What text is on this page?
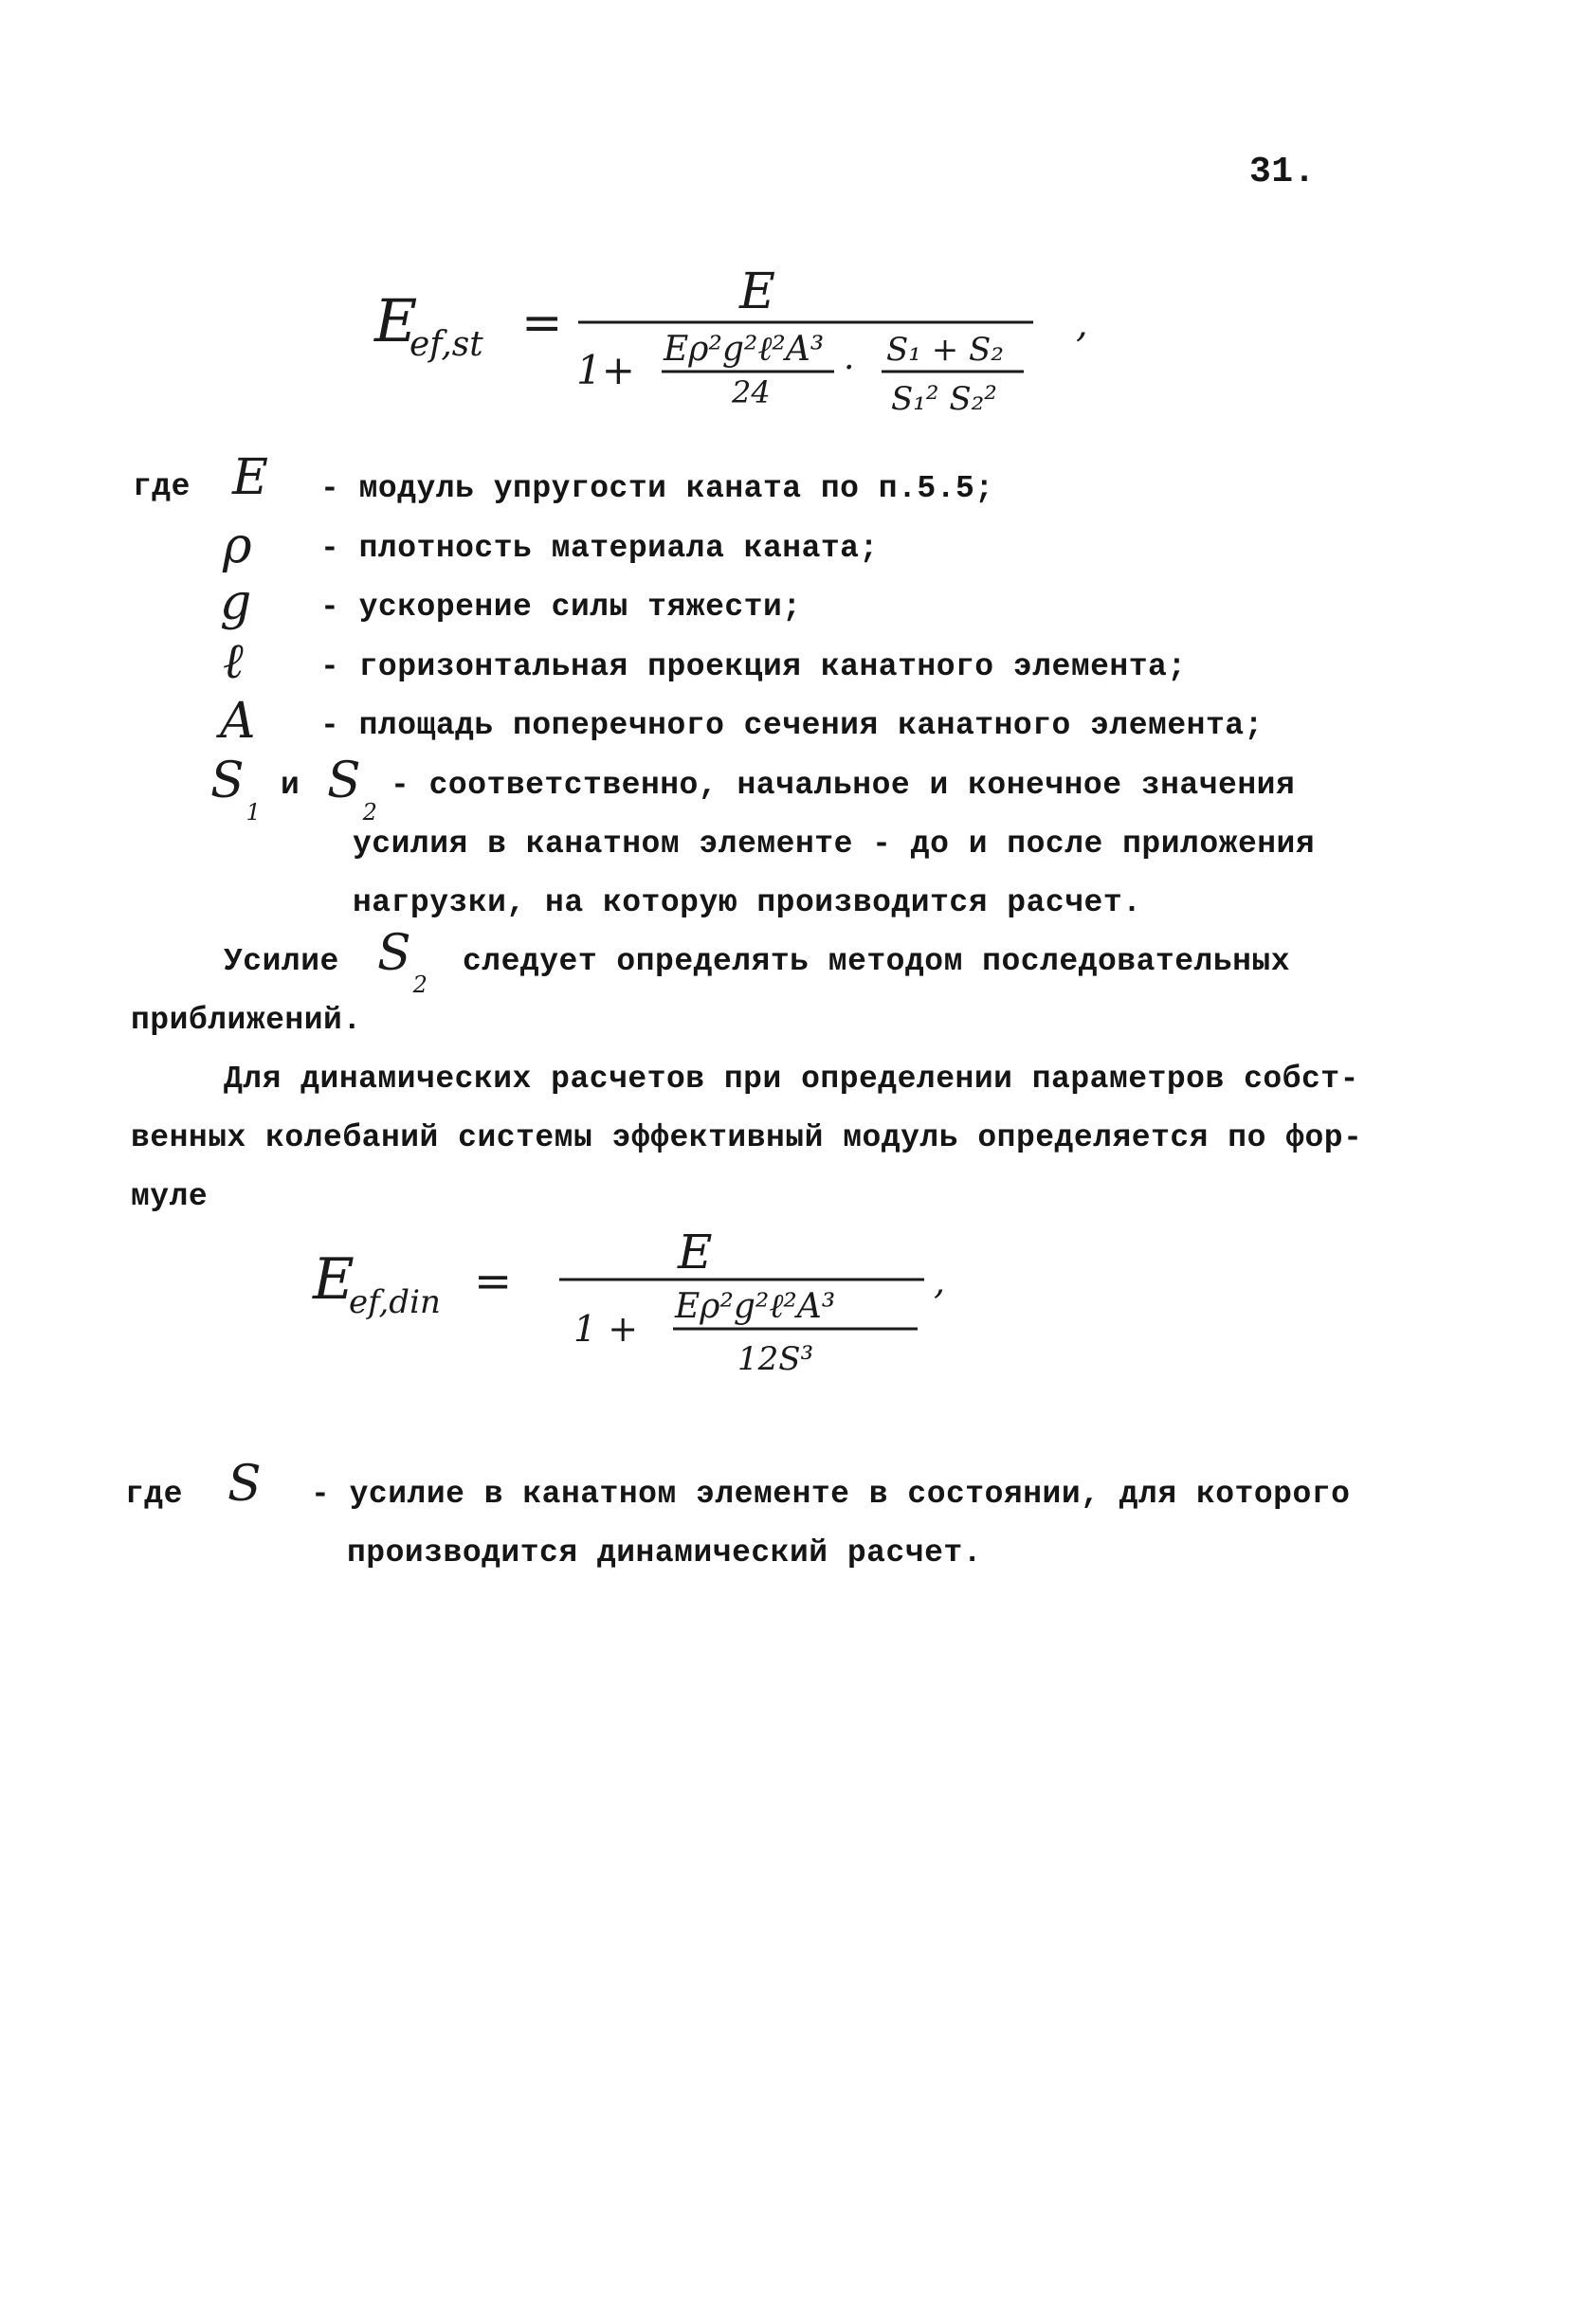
31.
E
ef,st =
E
1+ Eρ²g²ℓ²A³
24
· S₁ + S₂
S₁² S₂²
,
где E - модуль упругости каната по п.5.5;
ρ - плотность материала каната;
g - ускорение силы тяжести;
ℓ - горизонтальная проекция канатного элемента;
A - площадь поперечного сечения канатного элемента;
$S_1$
и $S_2$
- соответственно, начальное и конечное значения
усилия в канатном элементе - до и после приложения
нагрузки, на которую производится расчет.
Усилие $S_2$
следует определять методом последовательных
приближений.
Для динамических расчетов при определении параметров собст-
венных колебаний системы эффективный модуль определяется по фор-
муле
E
ef,din =
E
1 +
Eρ²g²ℓ²A³
12S³
,
где S - усилие в канатном элементе в состоянии, для которого
производится динамический расчет.
